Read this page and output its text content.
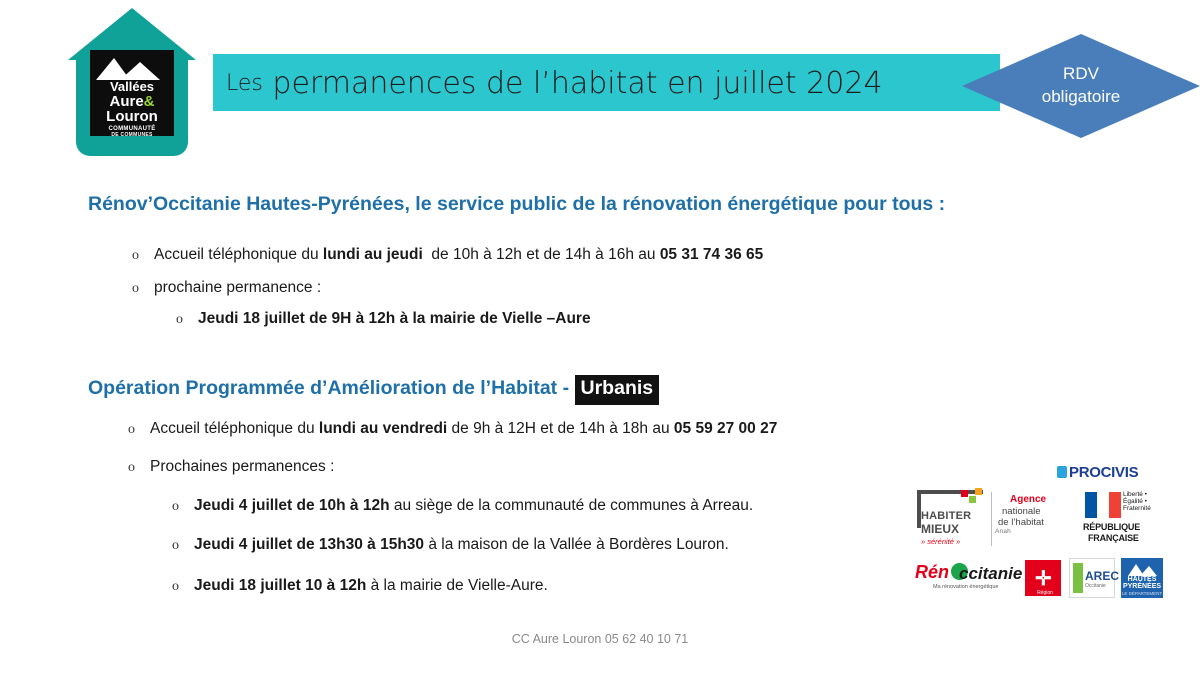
Vallées
Aure&
Louron
COMMUNAUTÉ
DE COMMUNES
Les
permanences de l’habitat en juillet 2024	RDV
obligatoire
Rénov’Occitanie Hautes-Pyrénées, le service public de la rénovation énergétique pour tous :
o Accueil téléphonique du lundi au jeudi  de 10h à 12h et de 14h à 16h au 05 31 74 36 65
o prochaine permanence :
o Jeudi 18 juillet de 9H à 12h à la mairie de Vielle –Aure
Opération Programmée d’Amélioration de l’Habitat - Urbanis
o Accueil téléphonique du lundi au vendredi de 9h à 12H et de 14h à 18h au 05 59 27 00 27
o Prochaines permanences :
o Jeudi 4 juillet de 10h à 12h au siège de la communauté de communes à Arreau.
o Jeudi 4 juillet de 13h30 à 15h30 à la maison de la Vallée à Bordères Louron.
o Jeudi 18 juillet 10 à 12h à la mairie de Vielle-Aure.
HABITER
MIEUX
» sérénité »
Agence
nationale
de l’habitat
Anah
PROCIVIS
Liberté • Égalité • Fraternité
RÉPUBLIQUE
FRANÇAISE
Rén ccitanie
Ma rénovation énergétique ✛
Région Occitanie
AREC
Occitanie
HAUTES
PYRÉNÉES
LE DÉPARTEMENT
CC Aure Louron 05 62 40 10 71
